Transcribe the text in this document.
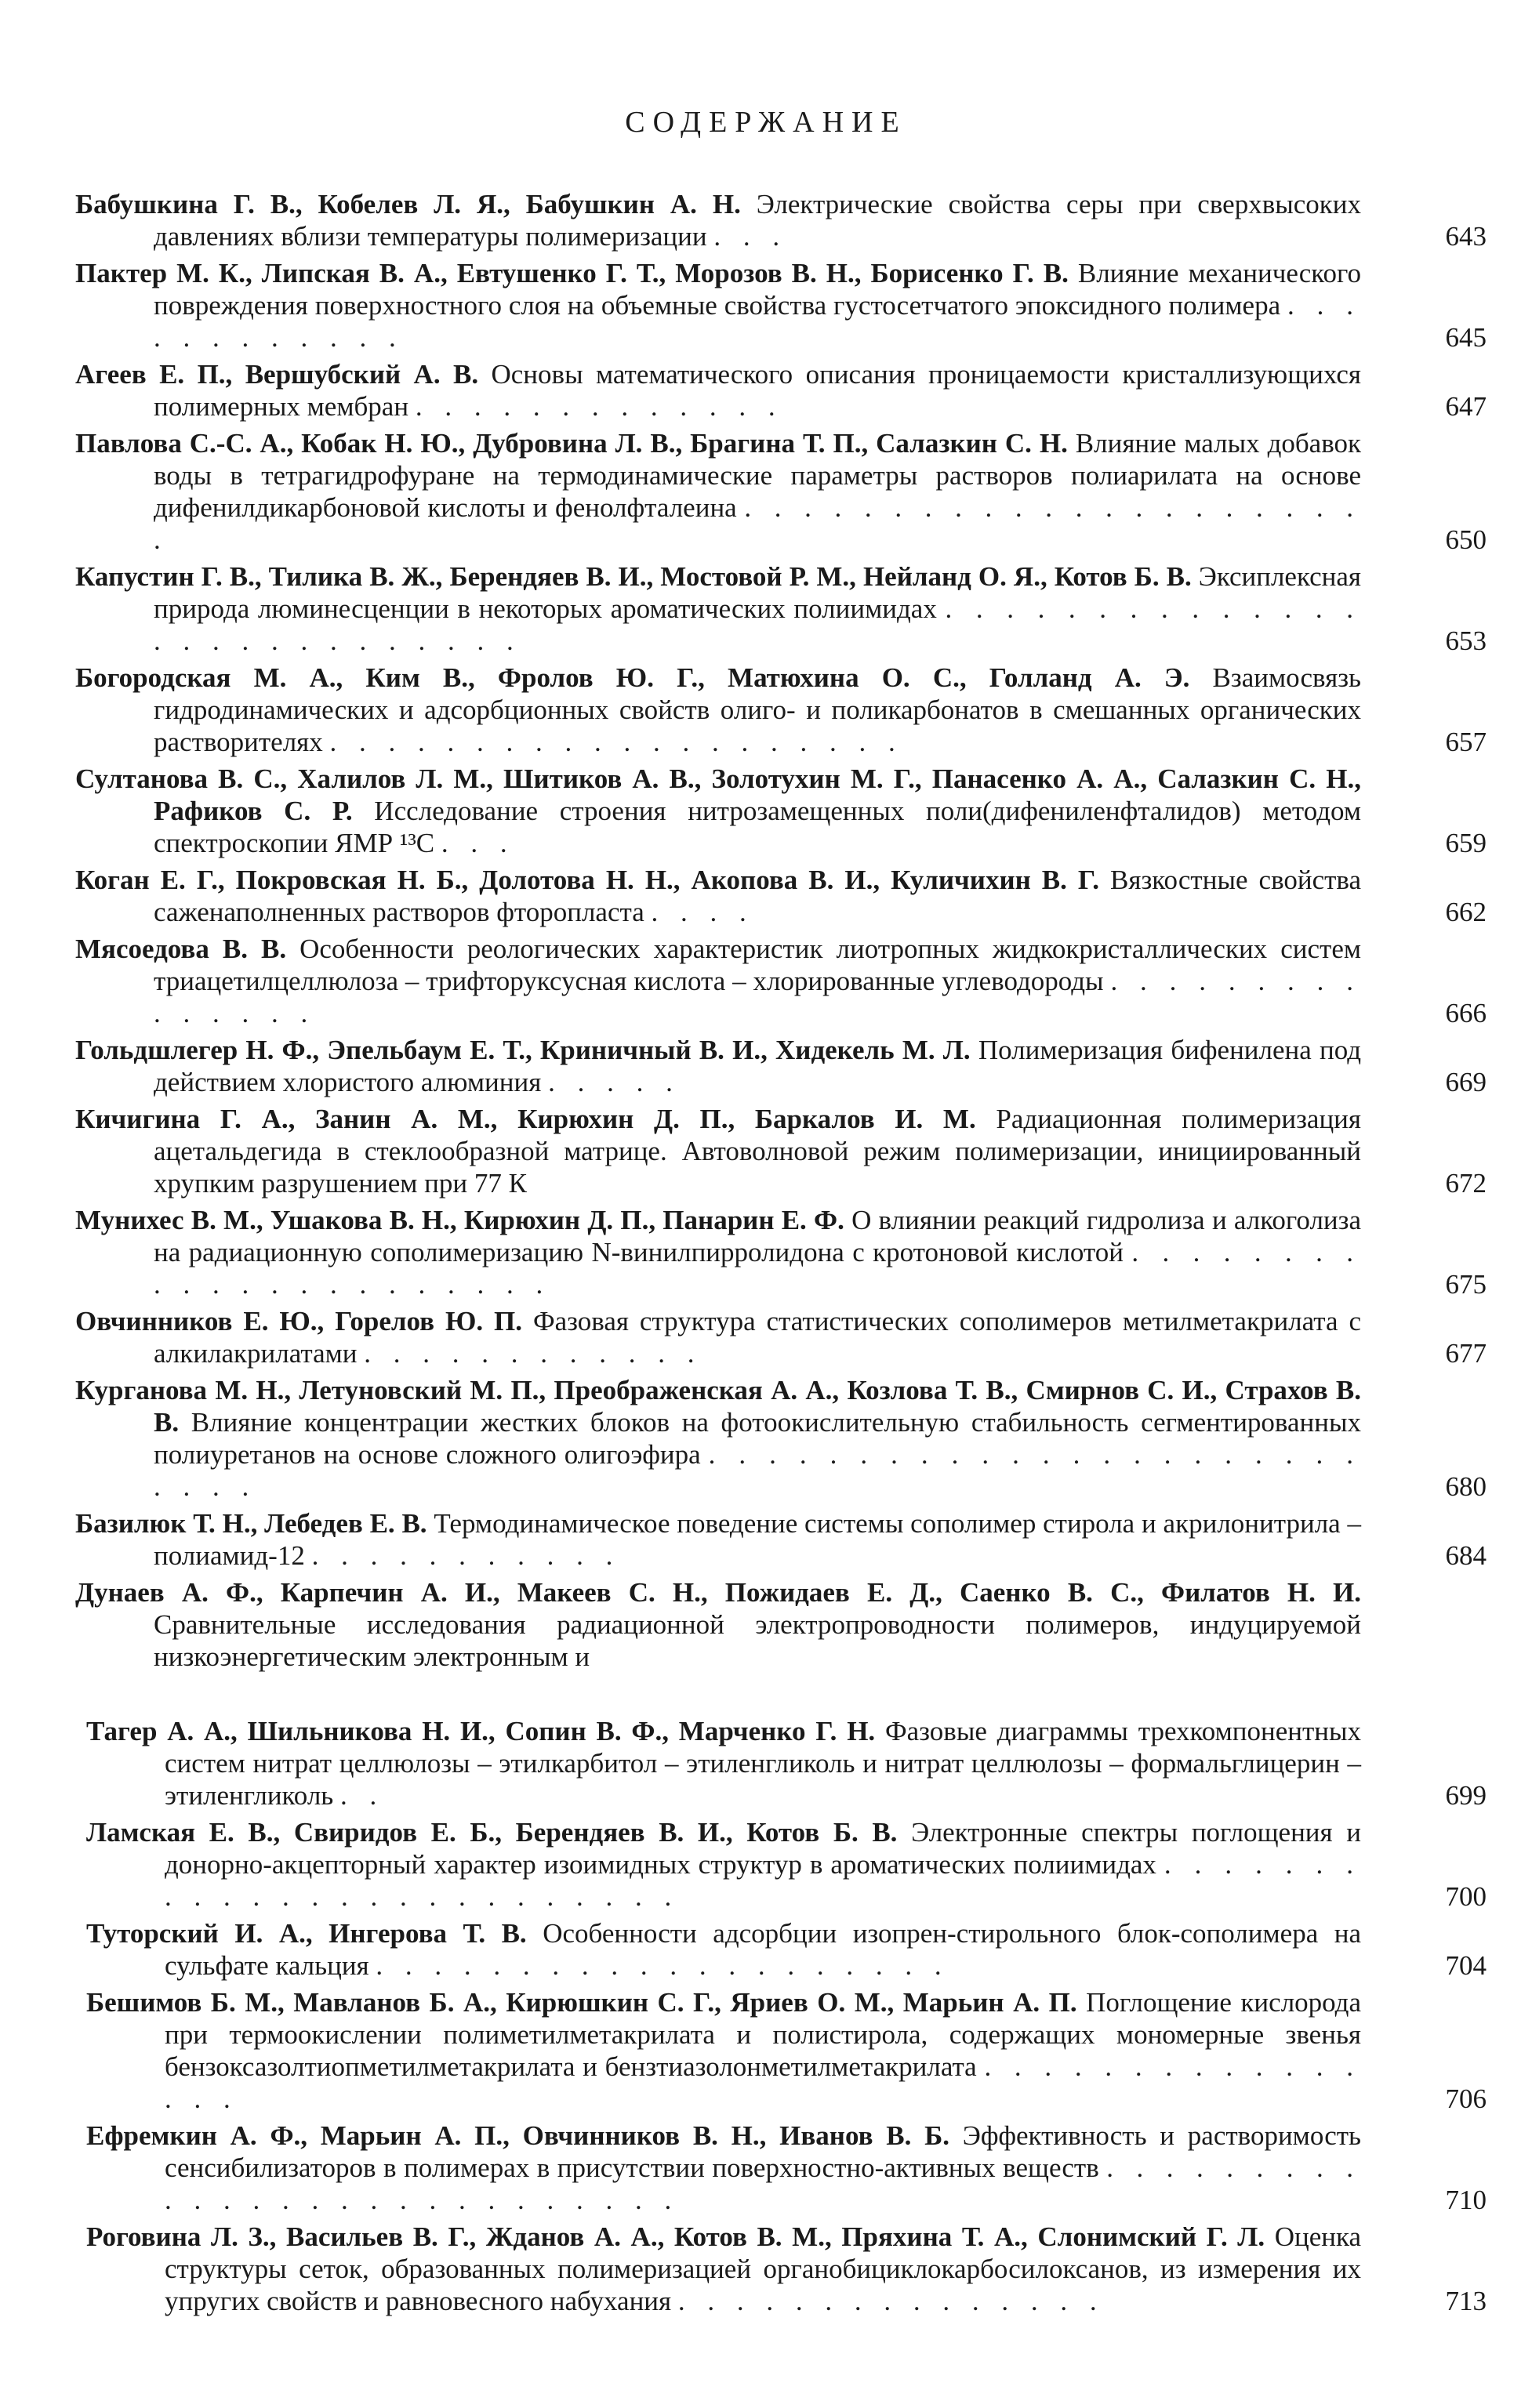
СОДЕРЖАНИЕ
Бабушкина Г. В., Кобелев Л. Я., Бабушкин А. Н. Электрические свойства серы при сверхвысоких давлениях вблизи температуры полимеризации . . .	643
Пактер М. К., Липская В. А., Евтушенко Г. Т., Морозов В. Н., Борисенко Г. В. Влияние механического повреждения поверхностного слоя на объемные свойства густосетчатого эпоксидного полимера . . . . . . . . . . . .	645
Агеев Е. П., Вершубский А. В. Основы математического описания проницаемости кристаллизующихся полимерных мембран . . . . . . . . . . . . .	647
Павлова С.-С. А., Кобак Н. Ю., Дубровина Л. В., Брагина Т. П., Салазкин С. Н. Влияние малых добавок воды в тетрагидрофуране на термодинамические параметры растворов полиарилата на основе дифенилдикарбоновой кислоты и фенолфталеина . . . . . . . . . . . . . . . . . . . . . .	650
Капустин Г. В., Тилика В. Ж., Берендяев В. И., Мостовой Р. М., Нейланд О. Я., Котов Б. В. Эксиплексная природа люминесценции в некоторых ароматических полиимидах . . . . . . . . . . . . . . . . . . . . . . . . . . .	653
Богородская М. А., Ким В., Фролов Ю. Г., Матюхина О. С., Голланд А. Э. Взаимосвязь гидродинамических и адсорбционных свойств олиго- и поликарбонатов в смешанных органических растворителях . . . . . . . . . . . . . . . . . . . .	657
Султанова В. С., Халилов Л. М., Шитиков А. В., Золотухин М. Г., Панасенко А. А., Салазкин С. Н., Рафиков С. Р. Исследование строения нитрозамещенных поли(дифениленфталидов) методом спектроскопии ЯМР ¹³C . . .	659
Коган Е. Г., Покровская Н. Б., Долотова Н. Н., Акопова В. И., Куличихин В. Г. Вязкостные свойства саженаполненных растворов фторопласта . . . .	662
Мясоедова В. В. Особенности реологических характеристик лиотропных жидкокристаллических систем триацетилцеллюлоза – трифторуксусная кислота – хлорированные углеводороды . . . . . . . . . . . . . . .	666
Гольдшлегер Н. Ф., Эпельбаум Е. Т., Криничный В. И., Хидекель М. Л. Полимеризация бифенилена под действием хлористого алюминия . . . . .	669
Кичигина Г. А., Занин А. М., Кирюхин Д. П., Баркалов И. М. Радиационная полимеризация ацетальдегида в стеклообразной матрице. Автоволновой режим полимеризации, инициированный хрупким разрушением при 77 К	672
Мунихес В. М., Ушакова В. Н., Кирюхин Д. П., Панарин Е. Ф. О влиянии реакций гидролиза и алкоголиза на радиационную сополимеризацию N-винилпирролидона с кротоновой кислотой . . . . . . . . . . . . . . . . . . . . . .	675
Овчинников Е. Ю., Горелов Ю. П. Фазовая структура статистических сополимеров метилметакрилата с алкилакрилатами . . . . . . . . . . . .	677
Курганова М. Н., Летуновский М. П., Преображенская А. А., Козлова Т. В., Смирнов С. И., Страхов В. В. Влияние концентрации жестких блоков на фотоокислительную стабильность сегментированных полиуретанов на основе сложного олигоэфира . . . . . . . . . . . . . . . . . . . . . . . . . .	680
Базилюк Т. Н., Лебедев Е. В. Термодинамическое поведение системы сополимер стирола и акрилонитрила – полиамид-12 . . . . . . . . . . .	684
Дунаев А. Ф., Карпечин А. И., Макеев С. Н., Пожидаев Е. Д., Саенко В. С., Филатов Н. И. Сравнительные исследования радиационной электропроводности полимеров, индуцируемой низкоэнергетическим электронным и
Тагер А. А., Шильникова Н. И., Сопин В. Ф., Марченко Г. Н. Фазовые диаграммы трехкомпонентных систем нитрат целлюлозы – этилкарбитол – этиленгликоль и нитрат целлюлозы – формальглицерин – этиленгликоль . .	699
Ламская Е. В., Свиридов Е. Б., Берендяев В. И., Котов Б. В. Электронные спектры поглощения и донорно-акцепторный характер изоимидных структур в ароматических полиимидах . . . . . . . . . . . . . . . . . . . . . . . . .	700
Туторский И. А., Ингерова Т. В. Особенности адсорбции изопрен-стирольного блок-сополимера на сульфате кальция . . . . . . . . . . . . . . . . . . . .	704
Бешимов Б. М., Мавланов Б. А., Кирюшкин С. Г., Яриев О. М., Марьин А. П. Поглощение кислорода при термоокислении полиметилметакрилата и полистирола, содержащих мономерные звенья бензоксазолтиопметилметакрилата и бензтиазолонметилметакрилата . . . . . . . . . . . . . . . .	706
Ефремкин А. Ф., Марьин А. П., Овчинников В. Н., Иванов В. Б. Эффективность и растворимость сенсибилизаторов в полимерах в присутствии поверхностно-активных веществ . . . . . . . . . . . . . . . . . . . . . . . . . . .	710
Роговина Л. З., Васильев В. Г., Жданов А. А., Котов В. М., Пряхина Т. А., Слонимский Г. Л. Оценка структуры сеток, образованных полимеризацией органобициклокарбосилоксанов, из измерения их упругих свойств и равновесного набухания . . . . . . . . . . . . . . .	713
